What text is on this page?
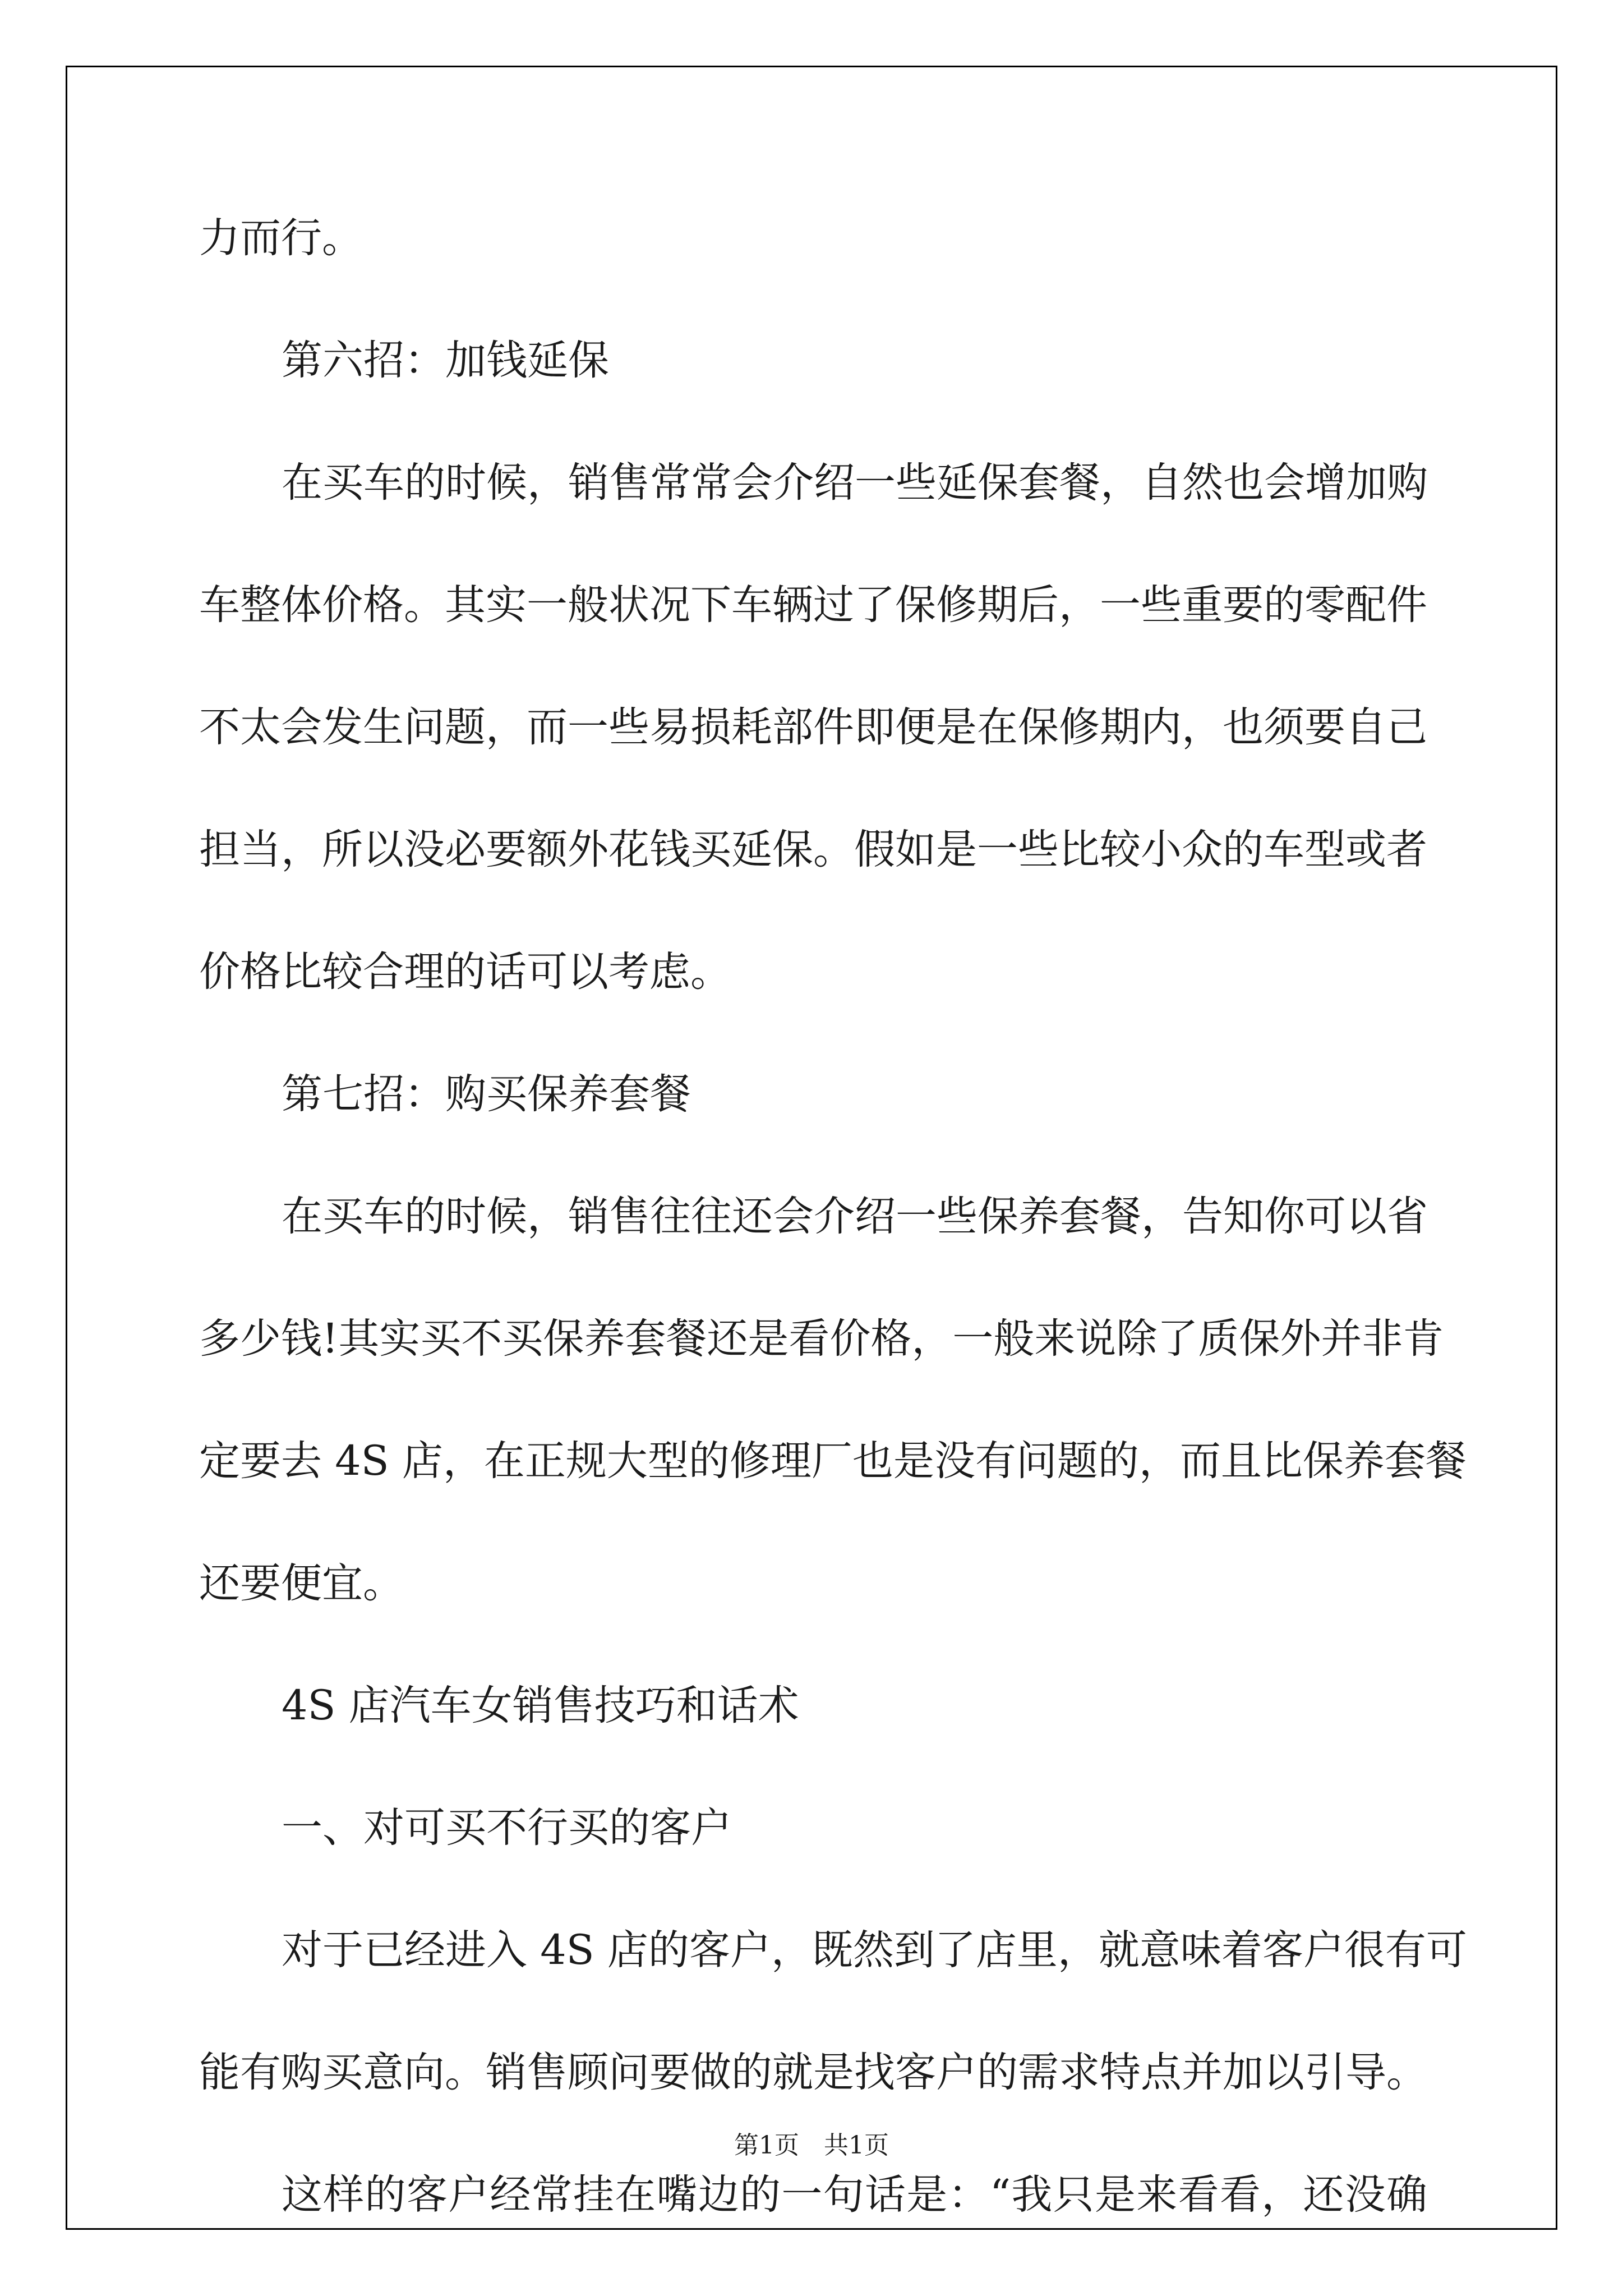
力而行。
第六招：加钱延保
在买车的时候，销售常常会介绍一些延保套餐，自然也会增加购
车整体价格。其实一般状况下车辆过了保修期后，一些重要的零配件
不太会发生问题，而一些易损耗部件即便是在保修期内，也须要自己
担当，所以没必要额外花钱买延保。假如是一些比较小众的车型或者
价格比较合理的话可以考虑。
第七招：购买保养套餐
在买车的时候，销售往往还会介绍一些保养套餐，告知你可以省
多少钱!其实买不买保养套餐还是看价格，一般来说除了质保外并非肯
定要去 4S 店，在正规大型的修理厂也是没有问题的，而且比保养套餐
还要便宜。
4S 店汽车女销售技巧和话术
一、对可买不行买的客户
对于已经进入 4S 店的客户，既然到了店里，就意味着客户很有可
能有购买意向。销售顾问要做的就是找客户的需求特点并加以引导。
这样的客户经常挂在嘴边的一句话是：“我只是来看看，还没确
第1页　共1页
